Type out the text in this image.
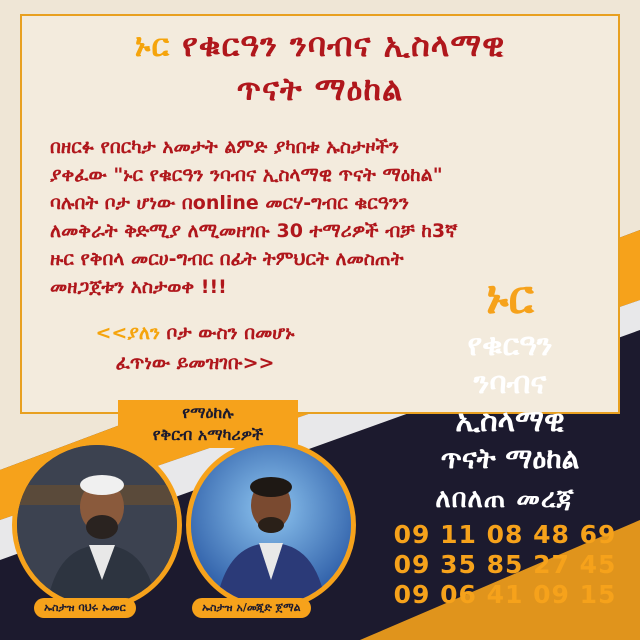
ኑር የቁርዓን ንባብና ኢስላማዊ
ጥናት ማዕከል

በዘርፉ የበርካታ አመታት ልምድ ያካበቱ ኡስታዞችን

ያቀፈው "ኑር የቁርዓን ንባብና ኢስላማዊ ጥናት ማዕከል"

ባሉበት ቦታ ሆነው በonline መርሃ-ግብር ቁርዓንን

ለመቅራት ቅድሚያ ለሚመዘገቡ 30 ተማሪዎች ብቻ ከ3ኛ

ዙር የቅበላ መርሀ-ግብር በፊት ትምህርት ለመስጠት

መዘጋጀቱን አስታወቀ !!!

<<ያለን ቦታ ውስን በመሆኑ
ፈጥነው ይመዝገቡ>>
የማዕከሉ
የቅርብ አማካሪዎች
ኡስታዝ ባህሩ ኡመር	ኡስታዝ አ/መጂድ ጀማል
ኑር
የቁርዓን
ንባብና
ኢስላማዊ
ጥናት ማዕከል
ለበለጠ መረጃ
09 11 08 48 69
09 35 85 27 45
09 06 41 09 15
